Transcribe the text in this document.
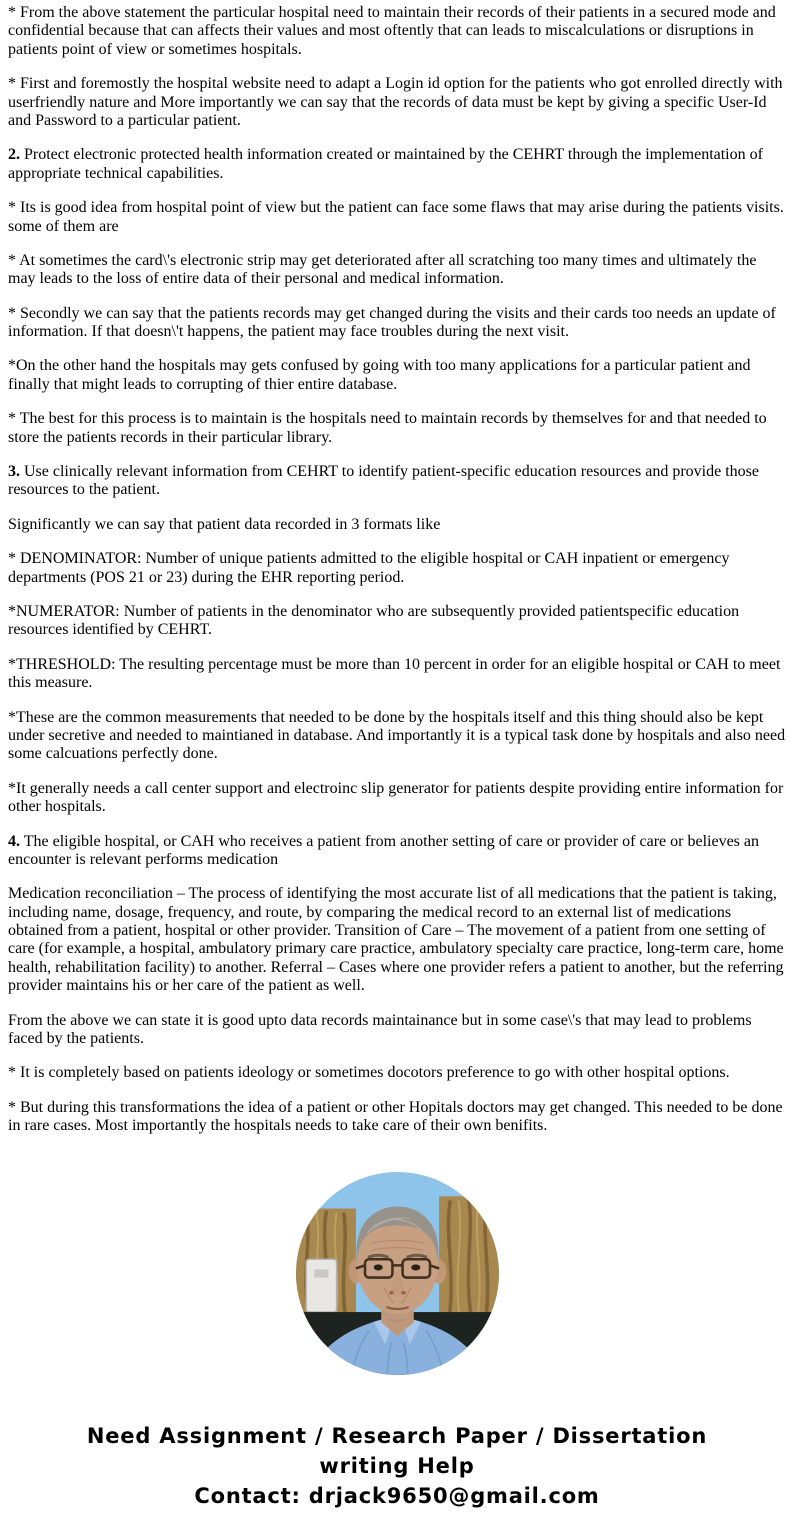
* From the above statement the particular hospital need to maintain their records of their patients in a secured mode and confidential because that can affects their values and most oftently that can leads to miscalculations or disruptions in patients point of view or sometimes hospitals.

* First and foremostly the hospital website need to adapt a Login id option for the patients who got enrolled directly with userfriendly nature and More importantly we can say that the records of data must be kept by giving a specific User-Id and Password to a particular patient.

2. Protect electronic protected health information created or maintained by the CEHRT through the implementation of appropriate technical capabilities.

* Its is good idea from hospital point of view but the patient can face some flaws that may arise during the patients visits. some of them are

* At sometimes the card\'s electronic strip may get deteriorated after all scratching too many times and ultimately the may leads to the loss of entire data of their personal and medical information.

* Secondly we can say that the patients records may get changed during the visits and their cards too needs an update of information. If that doesn\'t happens, the patient may face troubles during the next visit.

*On the other hand the hospitals may gets confused by going with too many applications for a particular patient and finally that might leads to corrupting of thier entire database.

* The best for this process is to maintain is the hospitals need to maintain records by themselves for and that needed to store the patients records in their particular library.

3. Use clinically relevant information from CEHRT to identify patient-specific education resources and provide those resources to the patient.

Significantly we can say that patient data recorded in 3 formats like

* DENOMINATOR: Number of unique patients admitted to the eligible hospital or CAH inpatient or emergency departments (POS 21 or 23) during the EHR reporting period.

*NUMERATOR: Number of patients in the denominator who are subsequently provided patientspecific education resources identified by CEHRT.

*THRESHOLD: The resulting percentage must be more than 10 percent in order for an eligible hospital or CAH to meet this measure.

*These are the common measurements that needed to be done by the hospitals itself and this thing should also be kept under secretive and needed to maintianed in database. And importantly it is a typical task done by hospitals and also need some calcuations perfectly done.

*It generally needs a call center support and electroinc slip generator for patients despite providing entire information for other hospitals.

4. The eligible hospital, or CAH who receives a patient from another setting of care or provider of care or believes an encounter is relevant performs medication

Medication reconciliation – The process of identifying the most accurate list of all medications that the patient is taking, including name, dosage, frequency, and route, by comparing the medical record to an external list of medications obtained from a patient, hospital or other provider. Transition of Care – The movement of a patient from one setting of care (for example, a hospital, ambulatory primary care practice, ambulatory specialty care practice, long-term care, home health, rehabilitation facility) to another. Referral – Cases where one provider refers a patient to another, but the referring provider maintains his or her care of the patient as well.

From the above we can state it is good upto data records maintainance but in some case\'s that may lead to problems faced by the patients.

* It is completely based on patients ideology or sometimes docotors preference to go with other hospital options.

* But during this transformations the idea of a patient or other Hopitals doctors may get changed. This needed to be done in rare cases. Most importantly the hospitals needs to take care of their own benifits.

Need Assignment / Research Paper / Dissertation
writing Help
Contact: drjack9650@gmail.com
